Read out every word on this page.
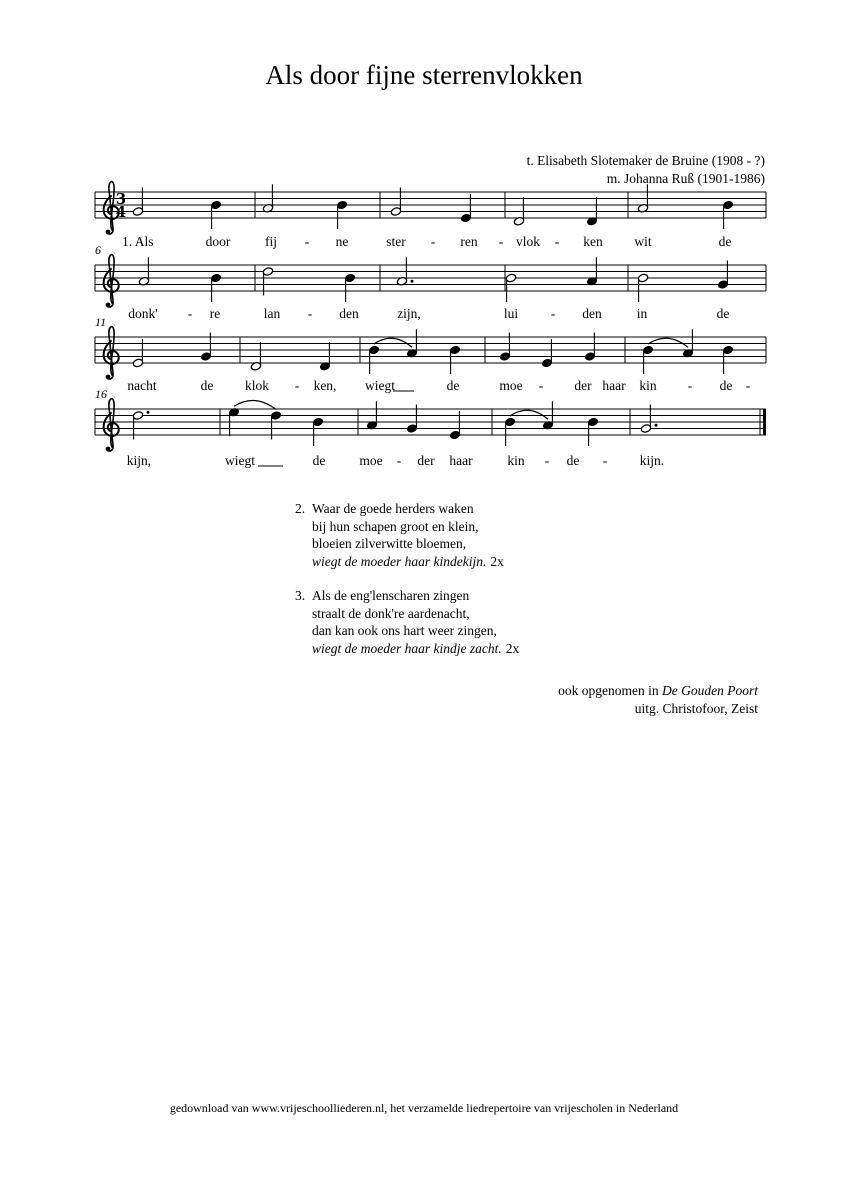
Als door fijne sterrenvlokken
t. Elisabeth Slotemaker de Bruine (1908 - ?)
m. Johanna Ruß (1901-1986)
3
4
1. Als	door	fij - ne	ster - ren - vlok - ken wit	de
6
donk' - re	lan - den	zijn,	lui - den	in	de
11
nacht	de klok - ken, wiegt	de	moe - der haar kin - de -
16
kijn,	wiegt	de	moe - der haar	kin - de - kijn.
2. Waar de goede herders waken
bij hun schapen groot en klein,
bloeien zilverwitte bloemen,
wiegt de moeder haar kindekijn. 2x
3. Als de eng'lenscharen zingen
straalt de donk're aardenacht,
dan kan ook ons hart weer zingen,
wiegt de moeder haar kindje zacht. 2x
ook opgenomen in De Gouden Poort
uitg. Christofoor, Zeist
gedownload van www.vrijeschoolliederen.nl, het verzamelde liedrepertoire van vrijescholen in Nederland
